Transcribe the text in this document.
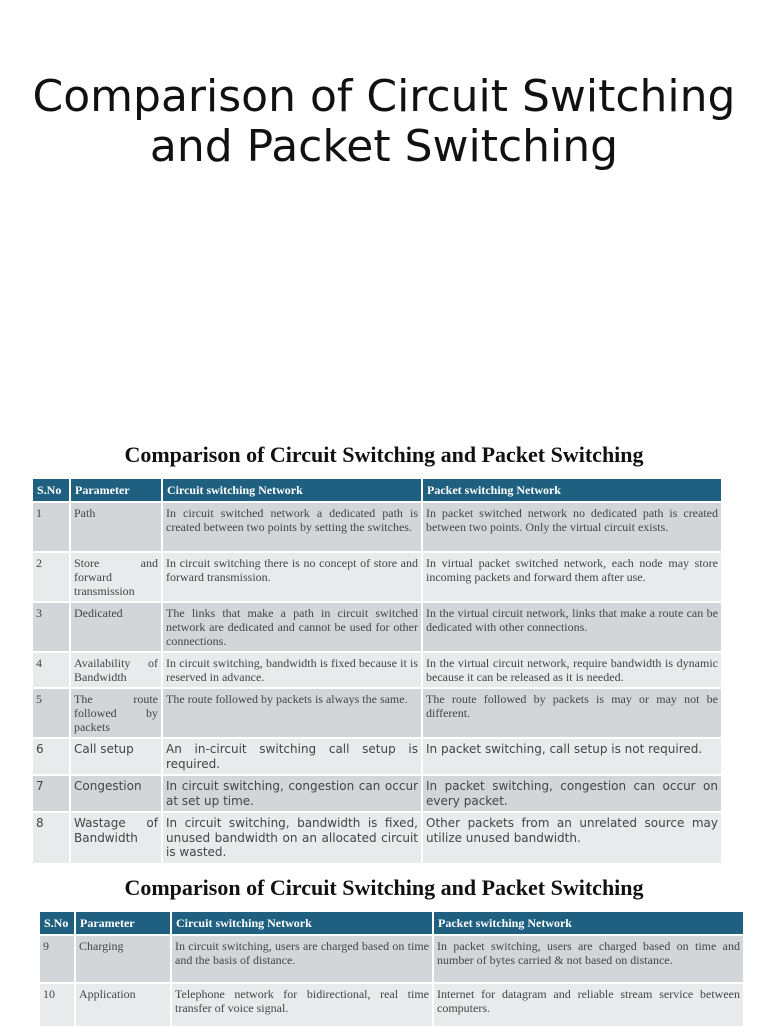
Comparison of Circuit Switching and Packet Switching
Comparison of Circuit Switching and Packet Switching
S.No	Parameter	Circuit switching Network	Packet switching Network
1	Path	In circuit switched network a dedicated path is created between two points by setting the switches.	In packet switched network no dedicated path is created between two points. Only the virtual circuit exists.
2	Store and forward transmission	In circuit switching there is no concept of store and forward transmission.	In virtual packet switched network, each node may store incoming packets and forward them after use.
3	Dedicated	The links that make a path in circuit switched network are dedicated and cannot be used for other connections.	In the virtual circuit network, links that make a route can be dedicated with other connections.
4	Availability of Bandwidth	In circuit switching, bandwidth is fixed because it is reserved in advance.	In the virtual circuit network, require bandwidth is dynamic because it can be released as it is needed.
5	The route followed by packets	The route followed by packets is always the same.	The route followed by packets is may or may not be different.
6	Call setup	An in-circuit switching call setup is required.	In packet switching, call setup is not required.
7	Congestion	In circuit switching, congestion can occur at set up time.	In packet switching, congestion can occur on every packet.
8	Wastage of Bandwidth	In circuit switching, bandwidth is fixed, unused bandwidth on an allocated circuit is wasted.	Other packets from an unrelated source may utilize unused bandwidth.
Comparison of Circuit Switching and Packet Switching
S.No	Parameter	Circuit switching Network	Packet switching Network
9	Charging	In circuit switching, users are charged based on time and the basis of distance.	In packet switching, users are charged based on time and number of bytes carried & not based on distance.
10	Application	Telephone network for bidirectional, real time transfer of voice signal.	Internet for datagram and reliable stream service between computers.
